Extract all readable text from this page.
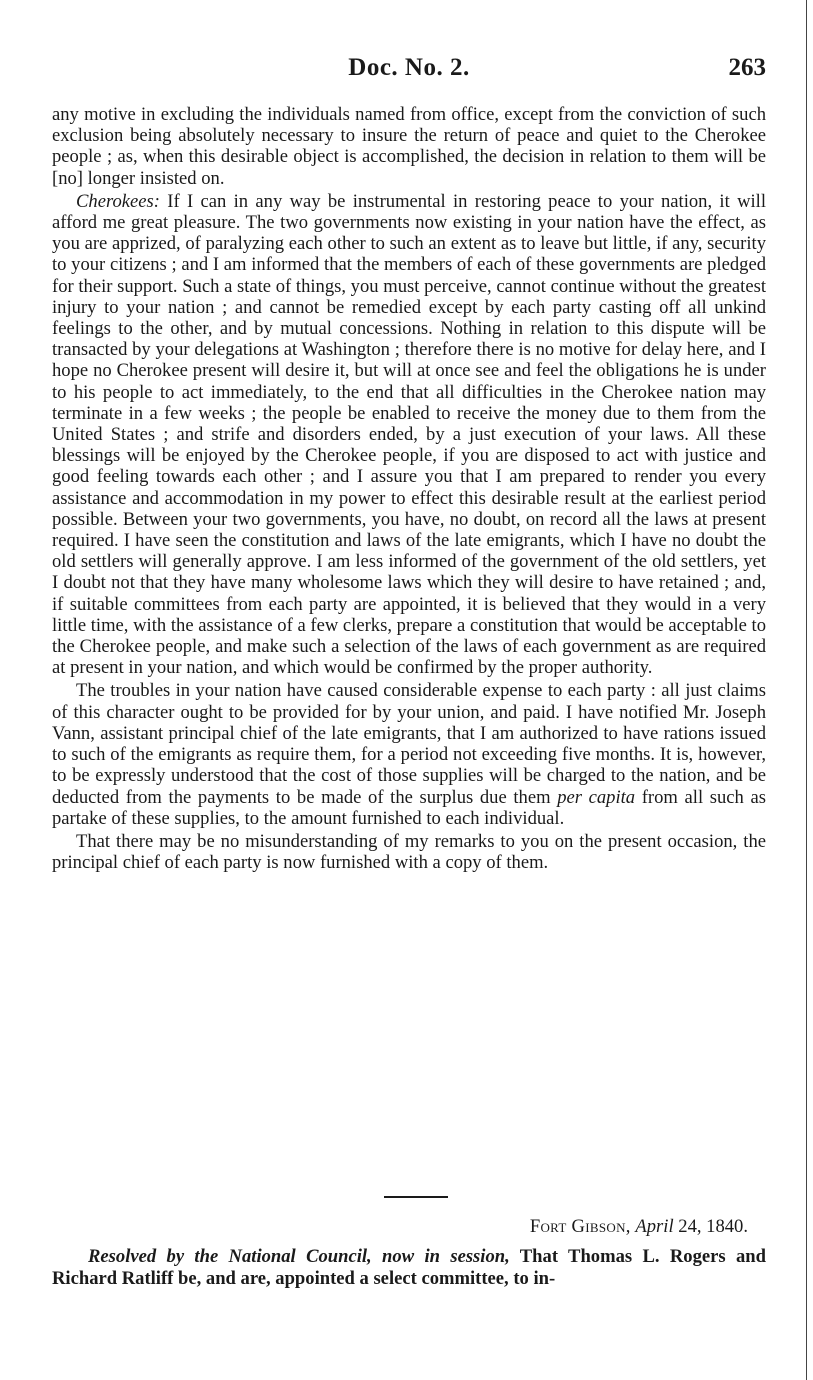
Doc. No. 2.	263

any motive in excluding the individuals named from office, except from the conviction of such exclusion being absolutely necessary to insure the return of peace and quiet to the Cherokee people ; as, when this desirable object is accomplished, the decision in relation to them will be [no] longer insisted on.

Cherokees: If I can in any way be instrumental in restoring peace to your nation, it will afford me great pleasure. The two governments now existing in your nation have the effect, as you are apprized, of paralyzing each other to such an extent as to leave but little, if any, security to your citizens ; and I am informed that the members of each of these governments are pledged for their support. Such a state of things, you must perceive, cannot continue without the greatest injury to your nation ; and cannot be remedied except by each party casting off all unkind feelings to the other, and by mutual concessions. Nothing in relation to this dispute will be transacted by your delegations at Washington ; therefore there is no motive for delay here, and I hope no Cherokee present will desire it, but will at once see and feel the obligations he is under to his people to act immediately, to the end that all difficulties in the Cherokee nation may terminate in a few weeks ; the people be enabled to receive the money due to them from the United States ; and strife and disorders ended, by a just execution of your laws. All these blessings will be enjoyed by the Cherokee people, if you are disposed to act with justice and good feeling towards each other ; and I assure you that I am prepared to render you every assistance and accommodation in my power to effect this desirable result at the earliest period possible. Between your two governments, you have, no doubt, on record all the laws at present required. I have seen the constitution and laws of the late emigrants, which I have no doubt the old settlers will generally approve. I am less informed of the government of the old settlers, yet I doubt not that they have many wholesome laws which they will desire to have retained ; and, if suitable committees from each party are appointed, it is believed that they would in a very little time, with the assistance of a few clerks, prepare a constitution that would be acceptable to the Cherokee people, and make such a selection of the laws of each government as are required at present in your nation, and which would be confirmed by the proper authority.

The troubles in your nation have caused considerable expense to each party : all just claims of this character ought to be provided for by your union, and paid. I have notified Mr. Joseph Vann, assistant principal chief of the late emigrants, that I am authorized to have rations issued to such of the emigrants as require them, for a period not exceeding five months. It is, however, to be expressly understood that the cost of those supplies will be charged to the nation, and be deducted from the payments to be made of the surplus due them per capita from all such as partake of these supplies, to the amount furnished to each individual.

That there may be no misunderstanding of my remarks to you on the present occasion, the principal chief of each party is now furnished with a copy of them.

Fort Gibson, April 24, 1840.
Resolved by the National Council, now in session, That Thomas L. Rogers and Richard Ratliff be, and are, appointed a select committee, to in-
